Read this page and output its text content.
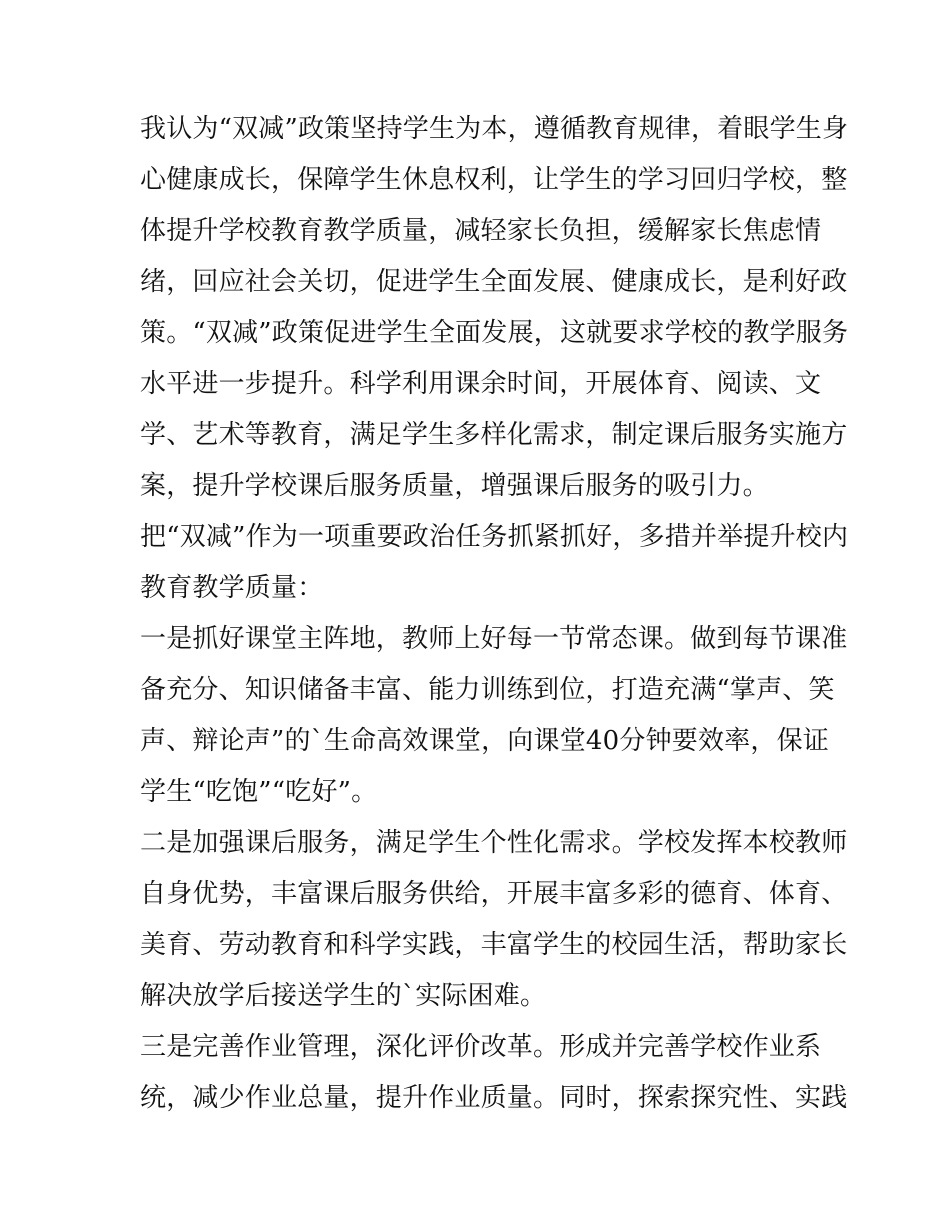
我认为“双减”政策坚持学生为本，遵循教育规律，着眼学生身
心健康成长，保障学生休息权利，让学生的学习回归学校，整
体提升学校教育教学质量，减轻家长负担，缓解家长焦虑情
绪，回应社会关切，促进学生全面发展、健康成长，是利好政
策。“双减”政策促进学生全面发展，这就要求学校的教学服务
水平进一步提升。科学利用课余时间，开展体育、阅读、文
学、艺术等教育，满足学生多样化需求，制定课后服务实施方
案，提升学校课后服务质量，增强课后服务的吸引力。
把“双减”作为一项重要政治任务抓紧抓好，多措并举提升校内
教育教学质量：
一是抓好课堂主阵地，教师上好每一节常态课。做到每节课准
备充分、知识储备丰富、能力训练到位，打造充满“掌声、笑
声、辩论声”的`生命高效课堂，向课堂40分钟要效率，保证
学生“吃饱”“吃好”。
二是加强课后服务，满足学生个性化需求。学校发挥本校教师
自身优势，丰富课后服务供给，开展丰富多彩的德育、体育、
美育、劳动教育和科学实践，丰富学生的校园生活，帮助家长
解决放学后接送学生的`实际困难。
三是完善作业管理，深化评价改革。形成并完善学校作业系
统，减少作业总量，提升作业质量。同时，探索探究性、实践
